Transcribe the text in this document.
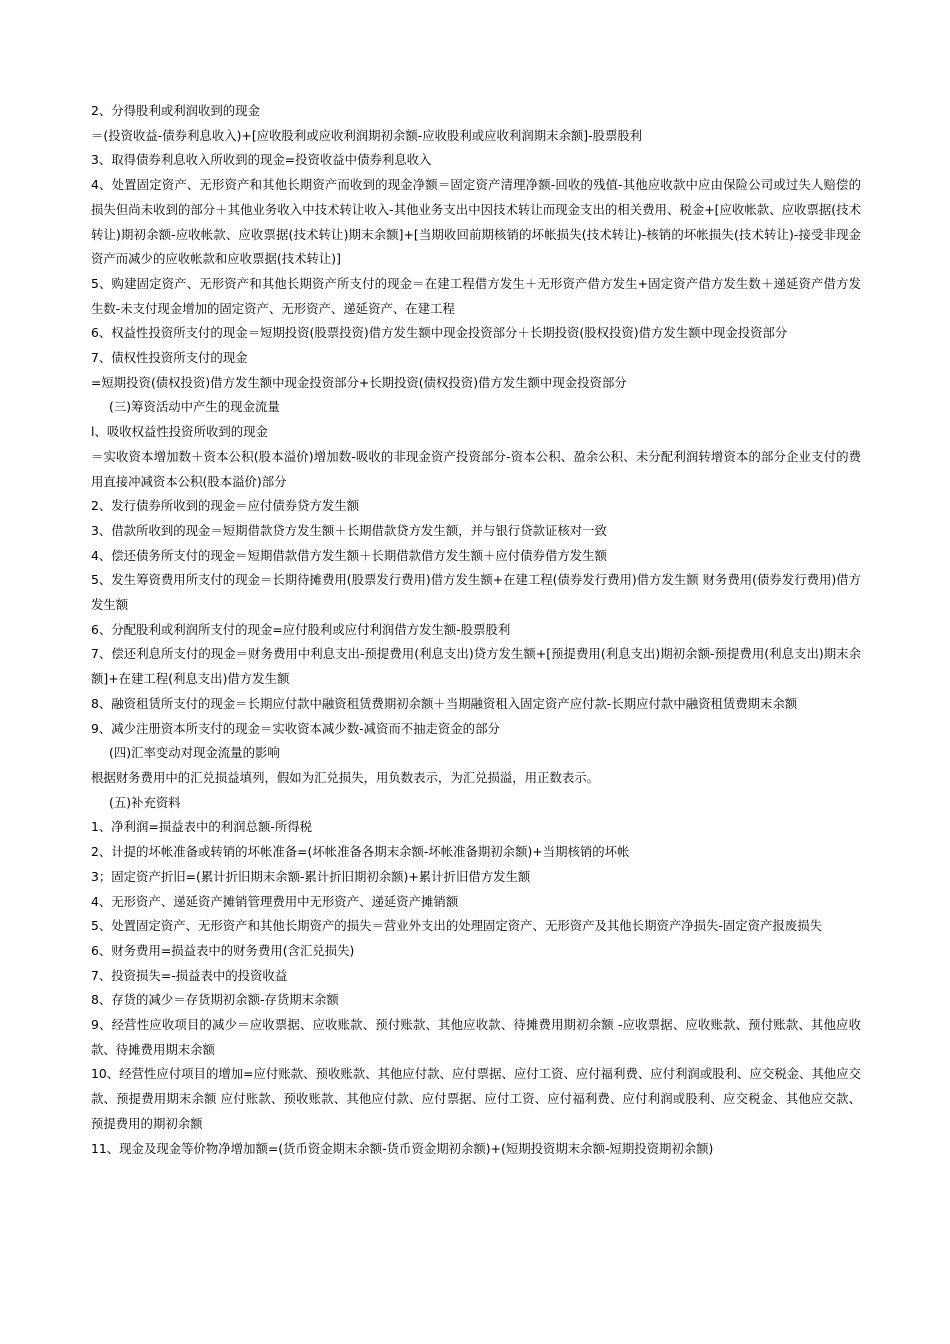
2、分得股利或利润收到的现金

＝(投资收益-债券利息收入)+[应收股利或应收利润期初余额-应收股利或应收利润期末余额]-股票股利

3、取得债券利息收入所收到的现金=投资收益中债券利息收入

4、处置固定资产、无形资产和其他长期资产而收到的现金净额＝固定资产清理净额-回收的残值-其他应收款中应由保险公司或过失人赔偿的损失但尚未收到的部分＋其他业务收入中技术转让收入-其他业务支出中因技术转让而现金支出的相关费用、税金+[应收帐款、应收票据(技术转让)期初余额-应收帐款、应收票据(技术转让)期末余额]+[当期收回前期核销的坏帐损失(技术转让)-核销的坏帐损失(技术转让)-接受非现金资产而减少的应收帐款和应收票据(技术转让)]

5、购建固定资产、无形资产和其他长期资产所支付的现金＝在建工程借方发生＋无形资产借方发生+固定资产借方发生数＋递延资产借方发生数-未支付现金增加的固定资产、无形资产、递延资产、在建工程

6、权益性投资所支付的现金＝短期投资(股票投资)借方发生额中现金投资部分＋长期投资(股权投资)借方发生额中现金投资部分

7、债权性投资所支付的现金

=短期投资(债权投资)借方发生额中现金投资部分+长期投资(债权投资)借方发生额中现金投资部分

(三)筹资活动中产生的现金流量

l、吸收权益性投资所收到的现金

＝实收资本增加数＋资本公积(股本溢价)增加数-吸收的非现金资产投资部分-资本公积、盈余公积、未分配利润转增资本的部分企业支付的费用直接冲减资本公积(股本溢价)部分

2、发行债券所收到的现金＝应付债券贷方发生额

3、借款所收到的现金＝短期借款贷方发生额＋长期借款贷方发生额，并与银行贷款证核对一致

4、偿还债务所支付的现金＝短期借款借方发生额＋长期借款借方发生额＋应付债券借方发生额

5、发生筹资费用所支付的现金＝长期待摊费用(股票发行费用)借方发生额+在建工程(债券发行费用)借方发生额 财务费用(债券发行费用)借方发生额

6、分配股利或利润所支付的现金=应付股利或应付利润借方发生额-股票股利

7、偿还利息所支付的现金＝财务费用中利息支出-预提费用(利息支出)贷方发生额+[预提费用(利息支出)期初余额-预提费用(利息支出)期末余额]+在建工程(利息支出)借方发生额

8、融资租赁所支付的现金＝长期应付款中融资租赁费期初余额＋当期融资租入固定资产应付款-长期应付款中融资租赁费期末余额

9、减少注册资本所支付的现金＝实收资本减少数-减资而不抽走资金的部分

(四)汇率变动对现金流量的影响

根据财务费用中的汇兑损益填列，假如为汇兑损失，用负数表示，为汇兑损溢，用正数表示。

(五)补充资料

1、净利润=损益表中的利润总额-所得税

2、计提的坏帐准备或转销的坏帐准备=(坏帐准备各期末余额-坏帐准备期初余额)+当期核销的坏帐

3；固定资产折旧=(累计折旧期末余额-累计折旧期初余额)+累计折旧借方发生额

4、无形资产、递延资产摊销管理费用中无形资产、递延资产摊销额

5、处置固定资产、无形资产和其他长期资产的损失＝营业外支出的处理固定资产、无形资产及其他长期资产净损失-固定资产报废损失

6、财务费用=损益表中的财务费用(含汇兑损失)

7、投资损失=-损益表中的投资收益

8、存货的减少＝存货期初余额-存货期末余额

9、经营性应收项目的减少＝应收票据、应收账款、预付账款、其他应收款、待摊费用期初余额 -应收票据、应收账款、预付账款、其他应收款、待摊费用期末余额

10、经营性应付项目的增加=应付账款、预收账款、其他应付款、应付票据、应付工资、应付福利费、应付利润或股利、应交税金、其他应交款、预提费用期末余额 应付账款、预收账款、其他应付款、应付票据、应付工资、应付福利费、应付利润或股利、应交税金、其他应交款、预提费用的期初余额

11、现金及现金等价物净增加额=(货币资金期末余额-货币资金期初余额)+(短期投资期末余额-短期投资期初余额)
